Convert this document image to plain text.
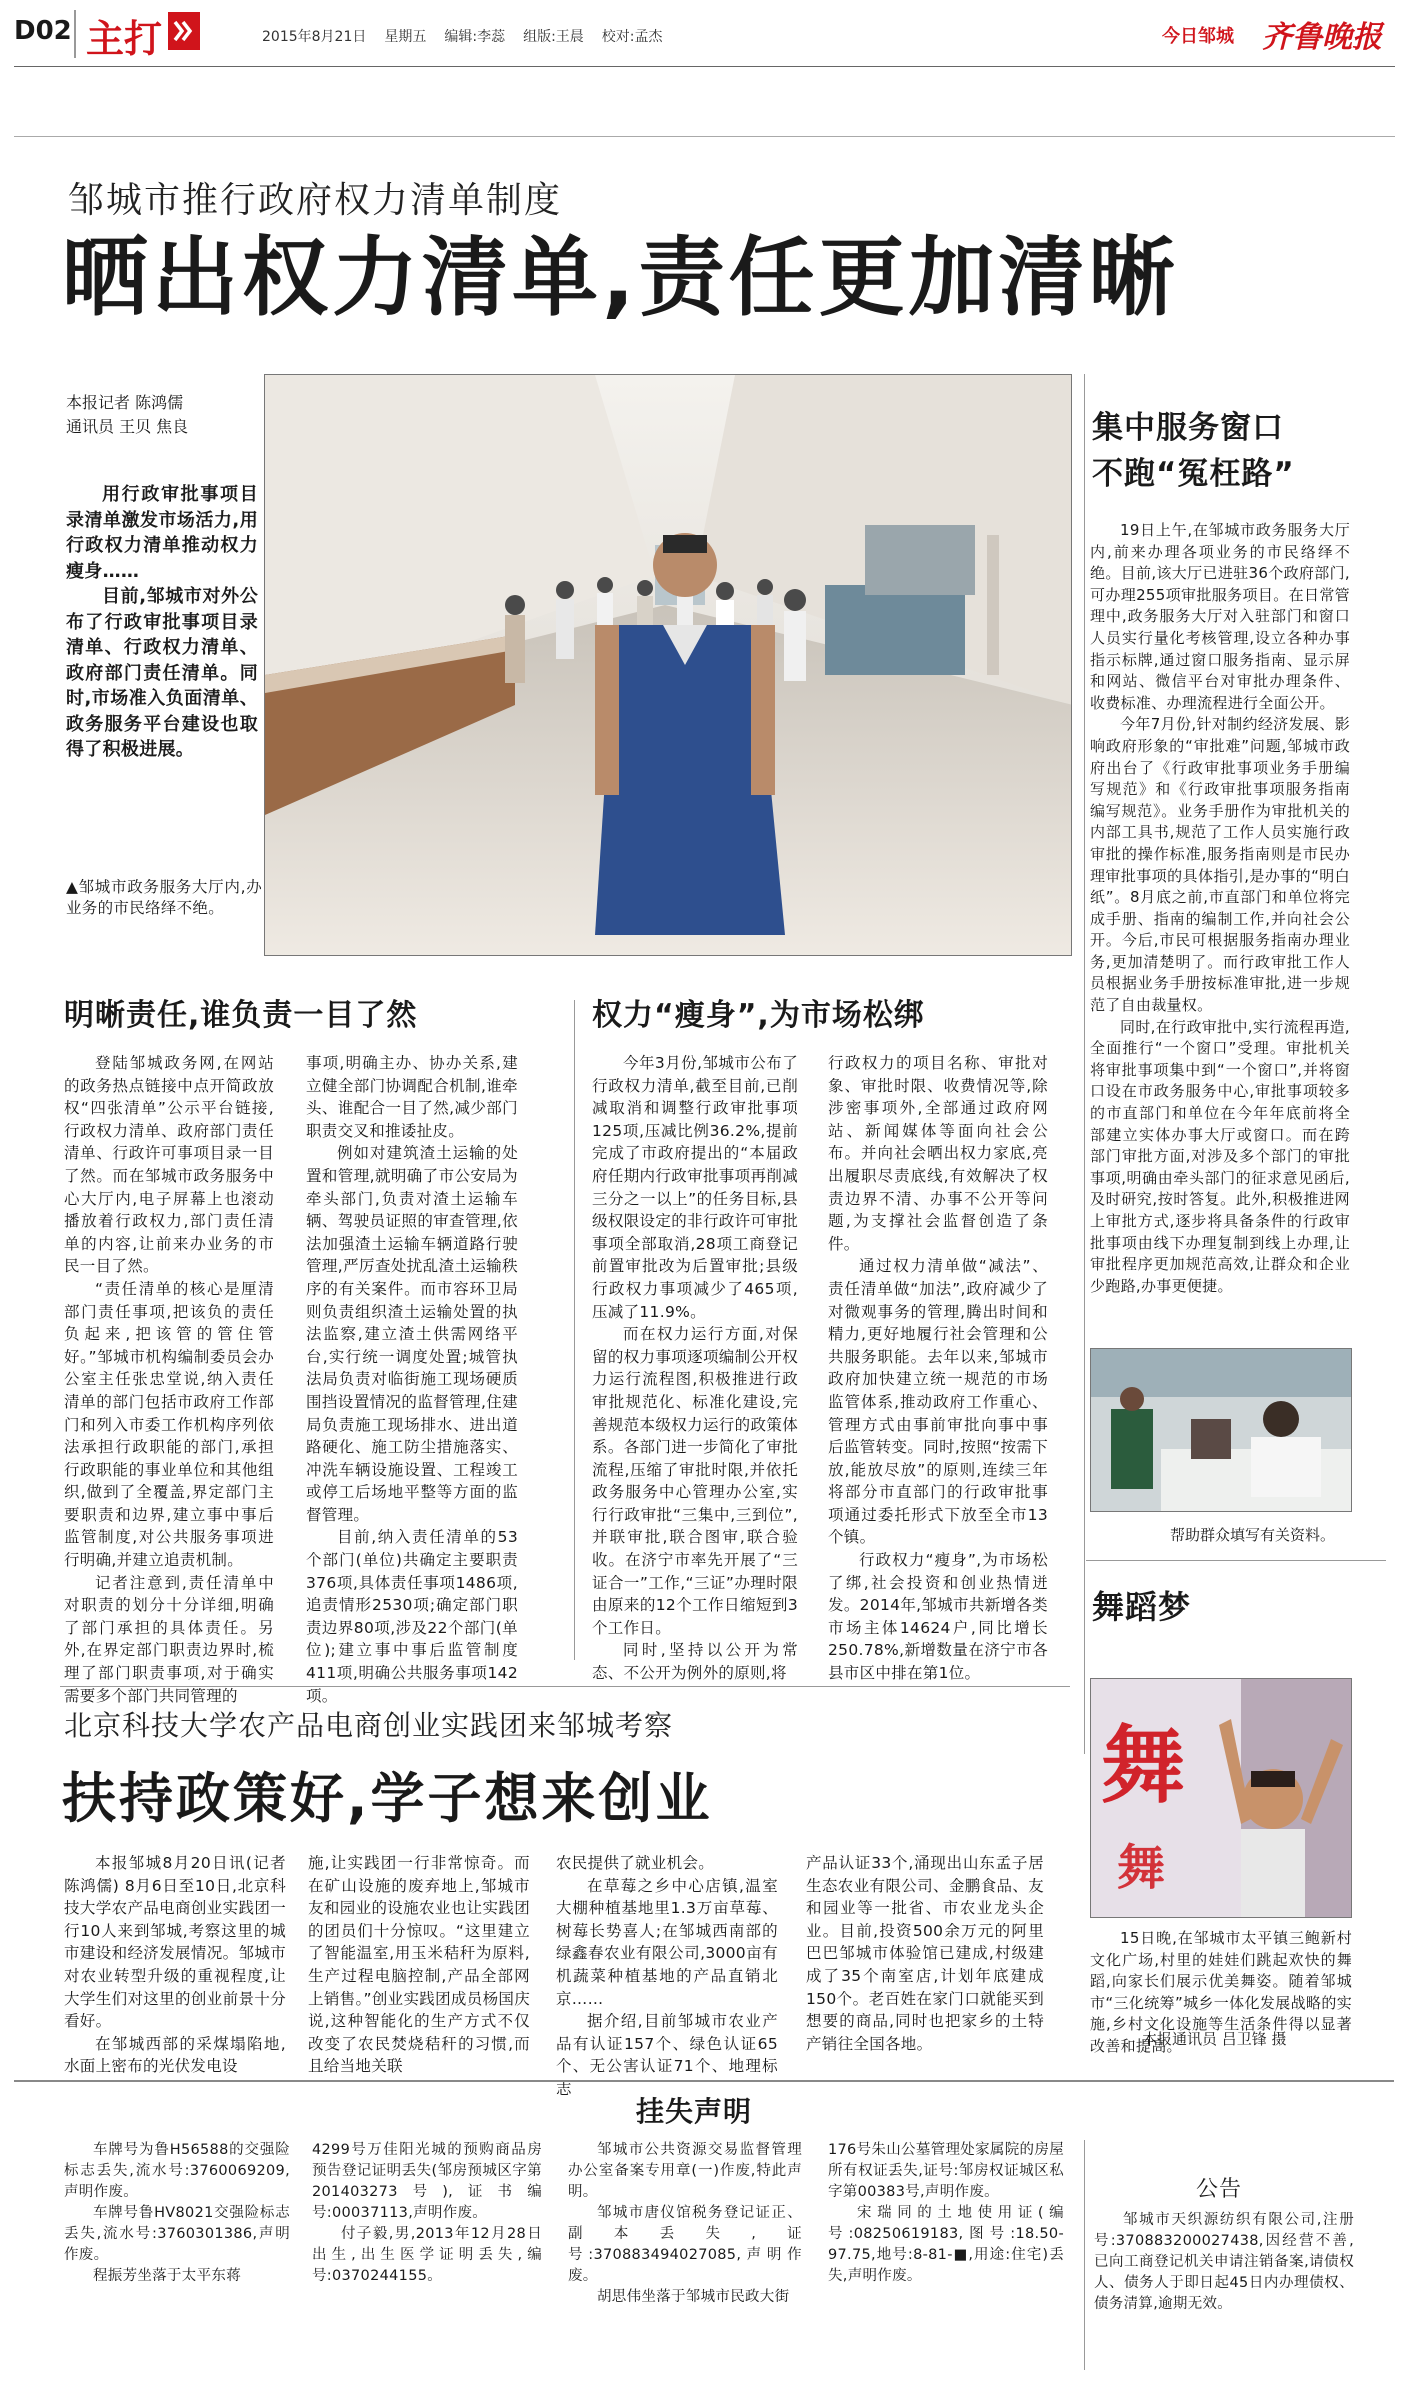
D02 主打	2015年8月21日 星期五 编辑:李蕊 组版:王晨 校对:孟杰	今日邹城 齐鲁晚报
邹城市推行政府权力清单制度
晒出权力清单,责任更加清晰
本报记者 陈鸿儒
通讯员 王贝 焦良

用行政审批事项目录清单激发市场活力,用行政权力清单推动权力瘦身……

目前,邹城市对外公布了行政审批事项目录清单、行政权力清单、政府部门责任清单。同时,市场准入负面清单、政务服务平台建设也取得了积极进展。

▲邹城市政务服务大厅内,办业务的市民络绎不绝。

集中服务窗口
不跑“冤枉路”

19日上午,在邹城市政务服务大厅内,前来办理各项业务的市民络绎不绝。目前,该大厅已进驻36个政府部门,可办理255项审批服务项目。在日常管理中,政务服务大厅对入驻部门和窗口人员实行量化考核管理,设立各种办事指示标牌,通过窗口服务指南、显示屏和网站、微信平台对审批办理条件、收费标准、办理流程进行全面公开。

今年7月份,针对制约经济发展、影响政府形象的“审批难”问题,邹城市政府出台了《行政审批事项业务手册编写规范》和《行政审批事项服务指南编写规范》。业务手册作为审批机关的内部工具书,规范了工作人员实施行政审批的操作标准,服务指南则是市民办理审批事项的具体指引,是办事的“明白纸”。8月底之前,市直部门和单位将完成手册、指南的编制工作,并向社会公开。今后,市民可根据服务指南办理业务,更加清楚明了。而行政审批工作人员根据业务手册按标准审批,进一步规范了自由裁量权。

同时,在行政审批中,实行流程再造,全面推行“一个窗口”受理。审批机关将审批事项集中到“一个窗口”,并将窗口设在市政务服务中心,审批事项较多的市直部门和单位在今年年底前将全部建立实体办事大厅或窗口。而在跨部门审批方面,对涉及多个部门的审批事项,明确由牵头部门的征求意见函后,及时研究,按时答复。此外,积极推进网上审批方式,逐步将具备条件的行政审批事项由线下办理复制到线上办理,让审批程序更加规范高效,让群众和企业少跑路,办事更便捷。

帮助群众填写有关资料。
舞蹈梦
舞
舞

15日晚,在邹城市太平镇三鲍新村文化广场,村里的娃娃们跳起欢快的舞蹈,向家长们展示优美舞姿。随着邹城市“三化统筹”城乡一体化发展战略的实施,乡村文化设施等生活条件得以显著改善和提高。

本报通讯员 吕卫锋 摄
明晰责任,谁负责一目了然

登陆邹城政务网,在网站的政务热点链接中点开简政放权“四张清单”公示平台链接,行政权力清单、政府部门责任清单、行政许可事项目录一目了然。而在邹城市政务服务中心大厅内,电子屏幕上也滚动播放着行政权力,部门责任清单的内容,让前来办业务的市民一目了然。

“责任清单的核心是厘清部门责任事项,把该负的责任负起来,把该管的管住管好。”邹城市机构编制委员会办公室主任张忠堂说,纳入责任清单的部门包括市政府工作部门和列入市委工作机构序列依法承担行政职能的部门,承担行政职能的事业单位和其他组织,做到了全覆盖,界定部门主要职责和边界,建立事中事后监管制度,对公共服务事项进行明确,并建立追责机制。

记者注意到,责任清单中对职责的划分十分详细,明确了部门承担的具体责任。另外,在界定部门职责边界时,梳理了部门职责事项,对于确实需要多个部门共同管理的

事项,明确主办、协办关系,建立健全部门协调配合机制,谁牵头、谁配合一目了然,减少部门职责交叉和推诿扯皮。

例如对建筑渣土运输的处置和管理,就明确了市公安局为牵头部门,负责对渣土运输车辆、驾驶员证照的审查管理,依法加强渣土运输车辆道路行驶管理,严厉查处扰乱渣土运输秩序的有关案件。而市容环卫局则负责组织渣土运输处置的执法监察,建立渣土供需网络平台,实行统一调度处置;城管执法局负责对临街施工现场硬质围挡设置情况的监督管理,住建局负责施工现场排水、进出道路硬化、施工防尘措施落实、冲洗车辆设施设置、工程竣工或停工后场地平整等方面的监督管理。

目前,纳入责任清单的53个部门(单位)共确定主要职责376项,具体责任事项1486项,追责情形2530项;确定部门职责边界80项,涉及22个部门(单位);建立事中事后监管制度411项,明确公共服务事项142项。

权力“瘦身”,为市场松绑

今年3月份,邹城市公布了行政权力清单,截至目前,已削减取消和调整行政审批事项125项,压减比例36.2%,提前完成了市政府提出的“本届政府任期内行政审批事项再削减三分之一以上”的任务目标,县级权限设定的非行政许可审批事项全部取消,28项工商登记前置审批改为后置审批;县级行政权力事项减少了465项,压减了11.9%。

而在权力运行方面,对保留的权力事项逐项编制公开权力运行流程图,积极推进行政审批规范化、标准化建设,完善规范本级权力运行的政策体系。各部门进一步简化了审批流程,压缩了审批时限,并依托政务服务中心管理办公室,实行行政审批“三集中,三到位”,并联审批,联合图审,联合验收。在济宁市率先开展了“三证合一”工作,“三证”办理时限由原来的12个工作日缩短到3个工作日。

同时,坚持以公开为常态、不公开为例外的原则,将

行政权力的项目名称、审批对象、审批时限、收费情况等,除涉密事项外,全部通过政府网站、新闻媒体等面向社会公布。并向社会晒出权力家底,亮出履职尽责底线,有效解决了权责边界不清、办事不公开等问题,为支撑社会监督创造了条件。

通过权力清单做“减法”、责任清单做“加法”,政府减少了对微观事务的管理,腾出时间和精力,更好地履行社会管理和公共服务职能。去年以来,邹城市政府加快建立统一规范的市场监管体系,推动政府工作重心、管理方式由事前审批向事中事后监管转变。同时,按照“按需下放,能放尽放”的原则,连续三年将部分市直部门的行政审批事项通过委托形式下放至全市13个镇。

行政权力“瘦身”,为市场松了绑,社会投资和创业热情迸发。2014年,邹城市共新增各类市场主体14624户,同比增长250.78%,新增数量在济宁市各县市区中排在第1位。

北京科技大学农产品电商创业实践团来邹城考察
扶持政策好,学子想来创业

本报邹城8月20日讯(记者 陈鸿儒) 8月6日至10日,北京科技大学农产品电商创业实践团一行10人来到邹城,考察这里的城市建设和经济发展情况。邹城市对农业转型升级的重视程度,让大学生们对这里的创业前景十分看好。

在邹城西部的采煤塌陷地,水面上密布的光伏发电设

施,让实践团一行非常惊奇。而在矿山设施的废弃地上,邹城市友和园业的设施农业也让实践团的团员们十分惊叹。“这里建立了智能温室,用玉米秸秆为原料,生产过程电脑控制,产品全部网上销售。”创业实践团成员杨国庆说,这种智能化的生产方式不仅改变了农民焚烧秸秆的习惯,而且给当地关联

农民提供了就业机会。

在草莓之乡中心店镇,温室大棚种植基地里1.3万亩草莓、树莓长势喜人;在邹城西南部的绿鑫春农业有限公司,3000亩有机蔬菜种植基地的产品直销北京……

据介绍,目前邹城市农业产品有认证157个、绿色认证65个、无公害认证71个、地理标志

产品认证33个,涌现出山东孟子居生态农业有限公司、金鹏食品、友和园业等一批省、市农业龙头企业。目前,投资500余万元的阿里巴巴邹城市体验馆已建成,村级建成了35个南室店,计划年底建成150个。老百姓在家门口就能买到想要的商品,同时也把家乡的土特产销往全国各地。

挂失声明

车牌号为鲁H56588的交强险标志丢失,流水号:3760069209,声明作废。

车牌号鲁HV8021交强险标志丢失,流水号:3760301386,声明作废。

程振芳坐落于太平东蒋

4299号万佳阳光城的预购商品房预告登记证明丢失(邹房预城区字第201403273号),证书编号:00037113,声明作废。

付子毅,男,2013年12月28日出生,出生医学证明丢失,编号:0370244155。

邹城市公共资源交易监督管理办公室备案专用章(一)作废,特此声明。

邹城市唐仪馆税务登记证正、副本丢失,证号:370883494027085,声明作废。

胡思伟坐落于邹城市民政大街

176号朱山公墓管理处家属院的房屋所有权证丢失,证号:邹房权证城区私字第00383号,声明作废。

宋瑞同的土地使用证(编号:08250619183,图号:18.50-97.75,地号:8-81-■,用途:住宅)丢失,声明作废。

公告

邹城市天织源纺织有限公司,注册号:370883200027438,因经营不善,已向工商登记机关申请注销备案,请债权人、债务人于即日起45日内办理债权、债务清算,逾期无效。
